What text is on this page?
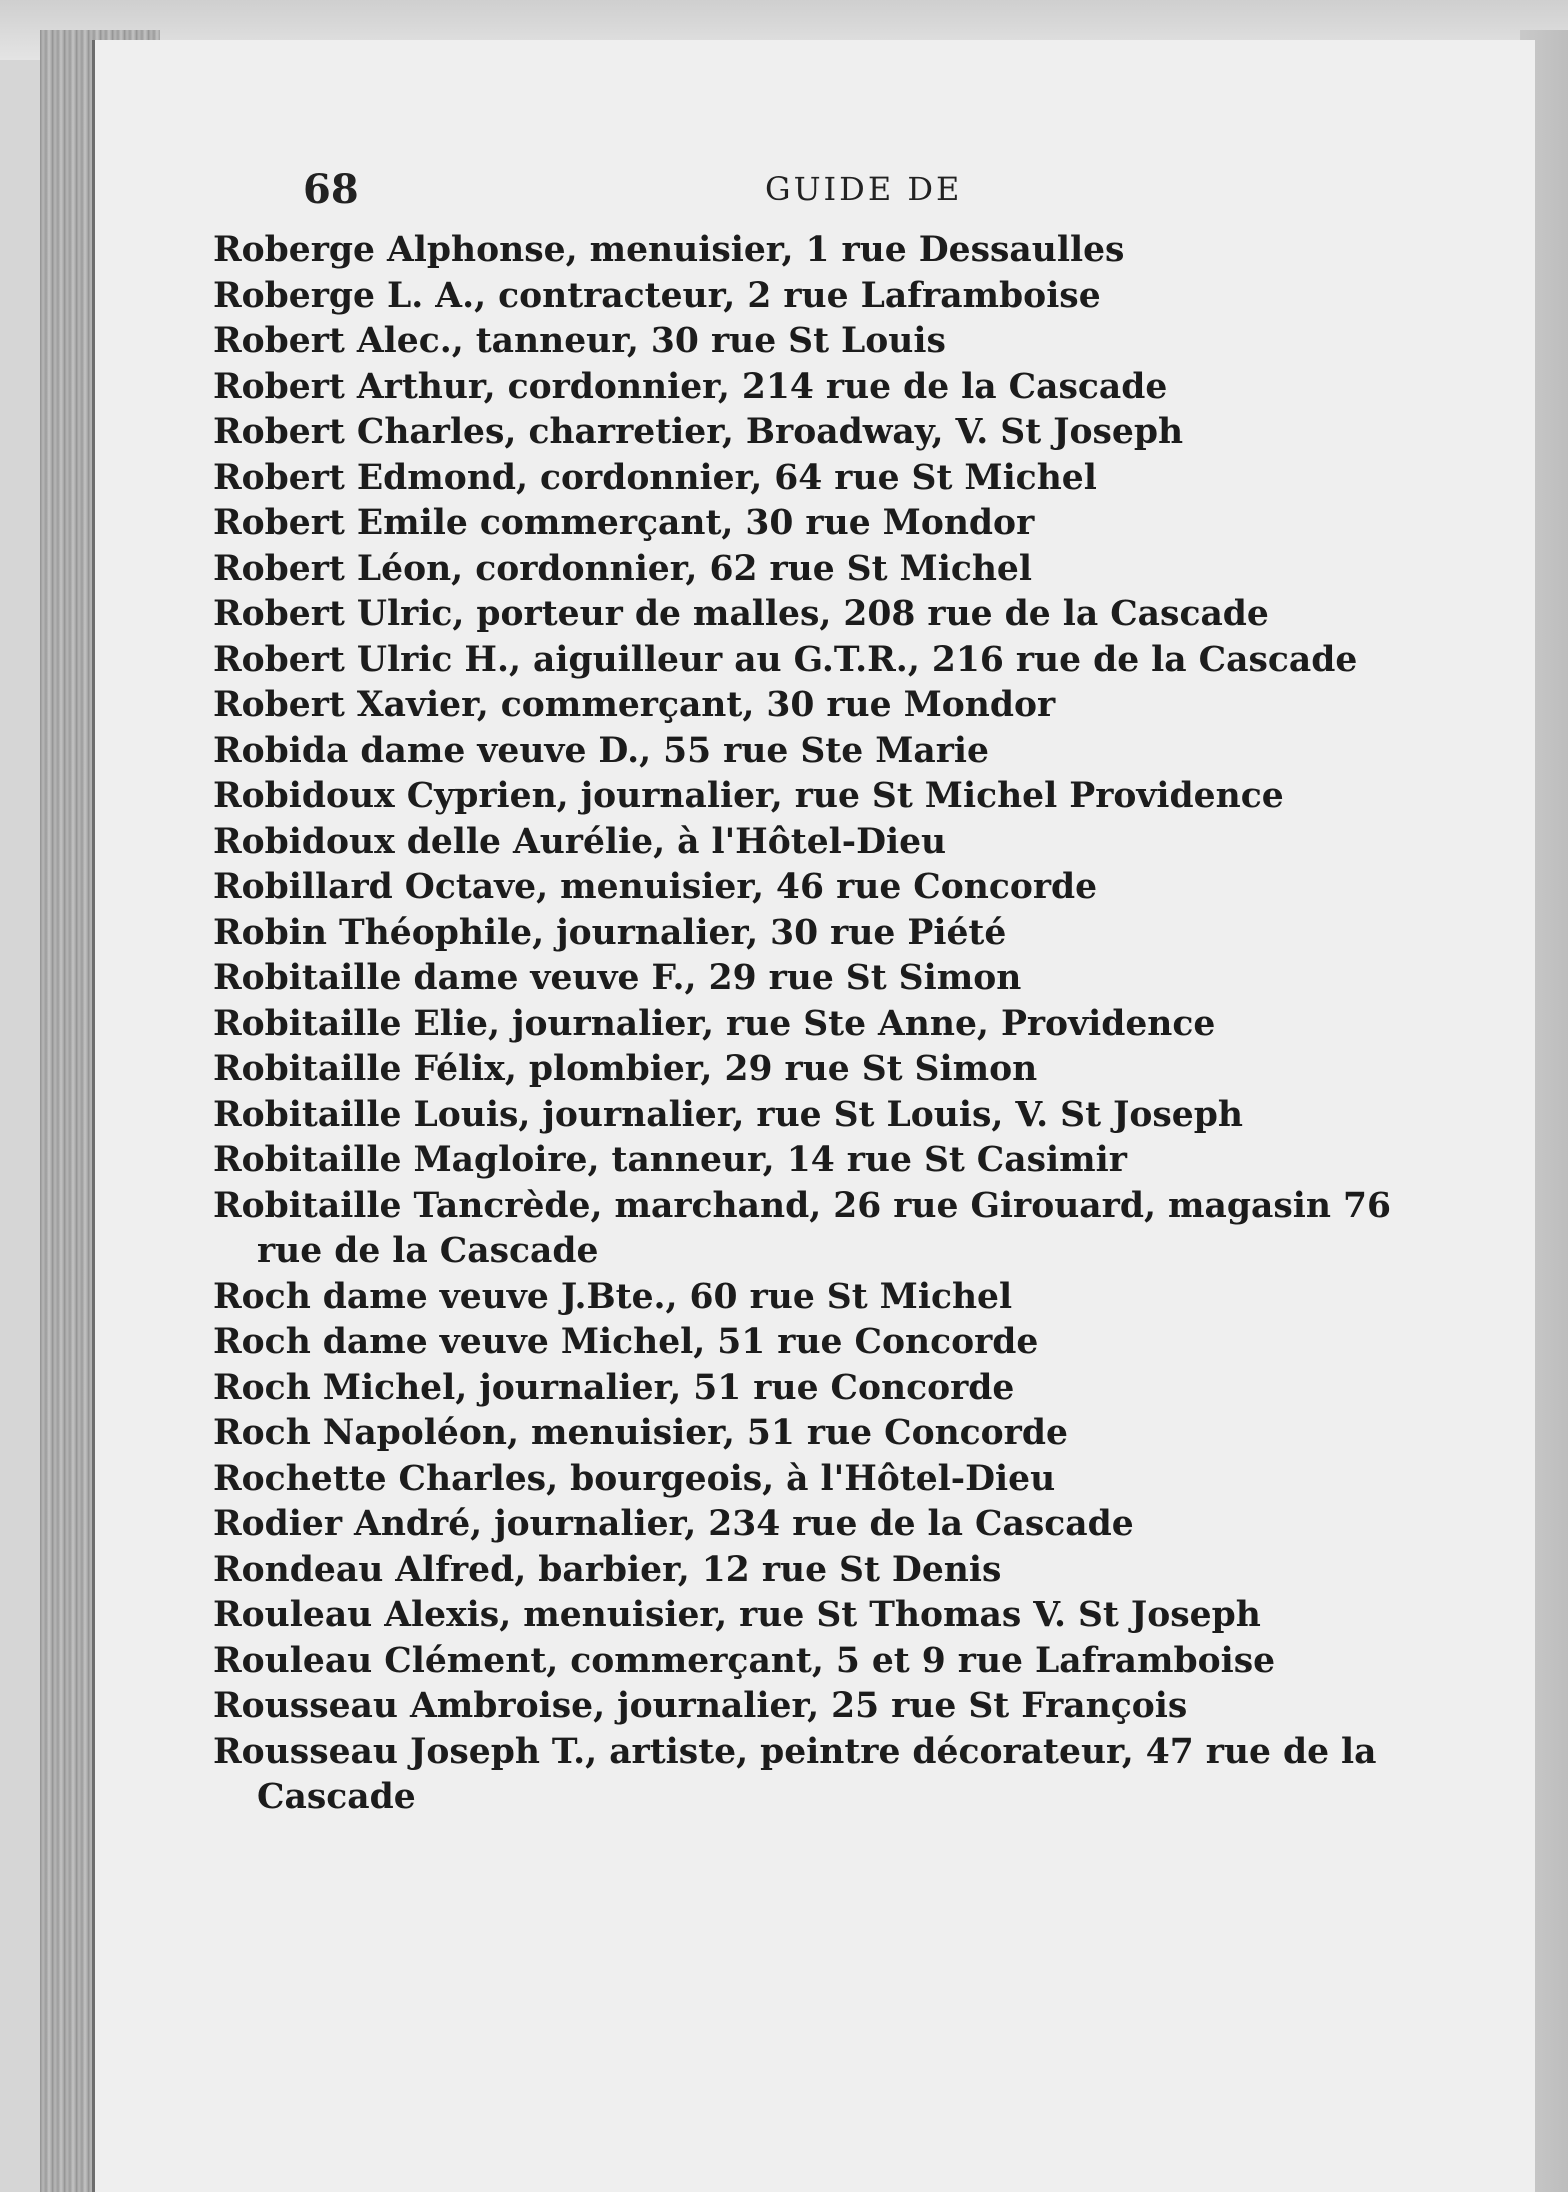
68	GUIDE DE
Roberge Alphonse, menuisier, 1 rue Dessaulles
Roberge L. A., contracteur, 2 rue Laframboise
Robert Alec., tanneur, 30 rue St Louis
Robert Arthur, cordonnier, 214 rue de la Cascade
Robert Charles, charretier, Broadway, V. St Joseph
Robert Edmond, cordonnier, 64 rue St Michel
Robert Emile commerçant, 30 rue Mondor
Robert Léon, cordonnier, 62 rue St Michel
Robert Ulric, porteur de malles, 208 rue de la Cascade
Robert Ulric H., aiguilleur au G.T.R., 216 rue de la Cascade
Robert Xavier, commerçant, 30 rue Mondor
Robida dame veuve D., 55 rue Ste Marie
Robidoux Cyprien, journalier, rue St Michel Providence
Robidoux delle Aurélie, à l'Hôtel-Dieu
Robillard Octave, menuisier, 46 rue Concorde
Robin Théophile, journalier, 30 rue Piété
Robitaille dame veuve F., 29 rue St Simon
Robitaille Elie, journalier, rue Ste Anne, Providence
Robitaille Félix, plombier, 29 rue St Simon
Robitaille Louis, journalier, rue St Louis, V. St Joseph
Robitaille Magloire, tanneur, 14 rue St Casimir
Robitaille Tancrède, marchand, 26 rue Girouard, magasin 76 rue de la Cascade
Roch dame veuve J.Bte., 60 rue St Michel
Roch dame veuve Michel, 51 rue Concorde
Roch Michel, journalier, 51 rue Concorde
Roch Napoléon, menuisier, 51 rue Concorde
Rochette Charles, bourgeois, à l'Hôtel-Dieu
Rodier André, journalier, 234 rue de la Cascade
Rondeau Alfred, barbier, 12 rue St Denis
Rouleau Alexis, menuisier, rue St Thomas V. St Joseph
Rouleau Clément, commerçant, 5 et 9 rue Laframboise
Rousseau Ambroise, journalier, 25 rue St François
Rousseau Joseph T., artiste, peintre décorateur, 47 rue de la Cascade
